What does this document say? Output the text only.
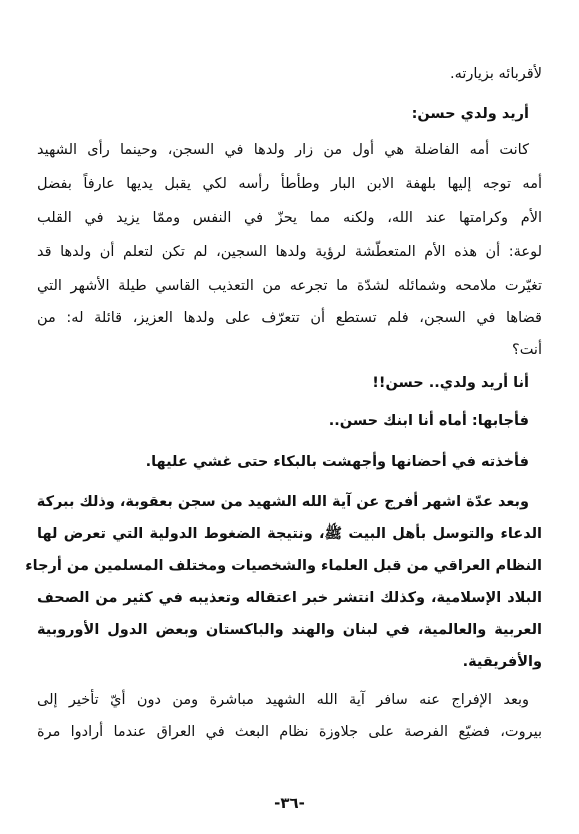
لأقربائه بزيارته.
أريد ولدي حسن:
كانت أمه الفاضلة هي أول من زار ولدها في السجن، وحينما رأى الشهيد
أمه توجه إليها بلهفة الابن البار وطأطأ رأسه لكي يقبل يديها عارفاً بفضل
الأم وكرامتها عند الله، ولكنه مما يحزّ في النفس وممّا يزيد في القلب
لوعة: أن هذه الأم المتعطّشة لرؤية ولدها السجين، لم تكن لتعلم أن ولدها قد
تغيّرت ملامحه وشمائله لشدّة ما تجرعه من التعذيب القاسي طيلة الأشهر التي
قضاها في السجن، فلم تستطع أن تتعرّف على ولدها العزيز، قائلة له: من
أنت؟
أنا أريد ولدي.. حسن!!
فأجابها: أماه أنا ابنك حسن..
فأخذته في أحضانها وأجهشت بالبكاء حتى غشي عليها.
وبعد عدّة اشهر أفرج عن آية الله الشهيد من سجن بعقوبة، وذلك ببركة
الدعاء والتوسل بأهل البيت ﷺ، ونتيجة الضغوط الدولية التي تعرض لها
النظام العراقي من قبل العلماء والشخصيات ومختلف المسلمين من أرجاء
البلاد الإسلامية، وكذلك انتشر خبر اعتقاله وتعذيبه في كثير من الصحف
العربية والعالمية، في لبنان والهند والباكستان وبعض الدول الأوروبية
والأفريقية.
وبعد الإفراج عنه سافر آية الله الشهيد مباشرة ومن دون أيّ تأخير إلى
بيروت، فضيّع الفرصة على جلاوزة نظام البعث في العراق عندما أرادوا مرة
-٣٦-
